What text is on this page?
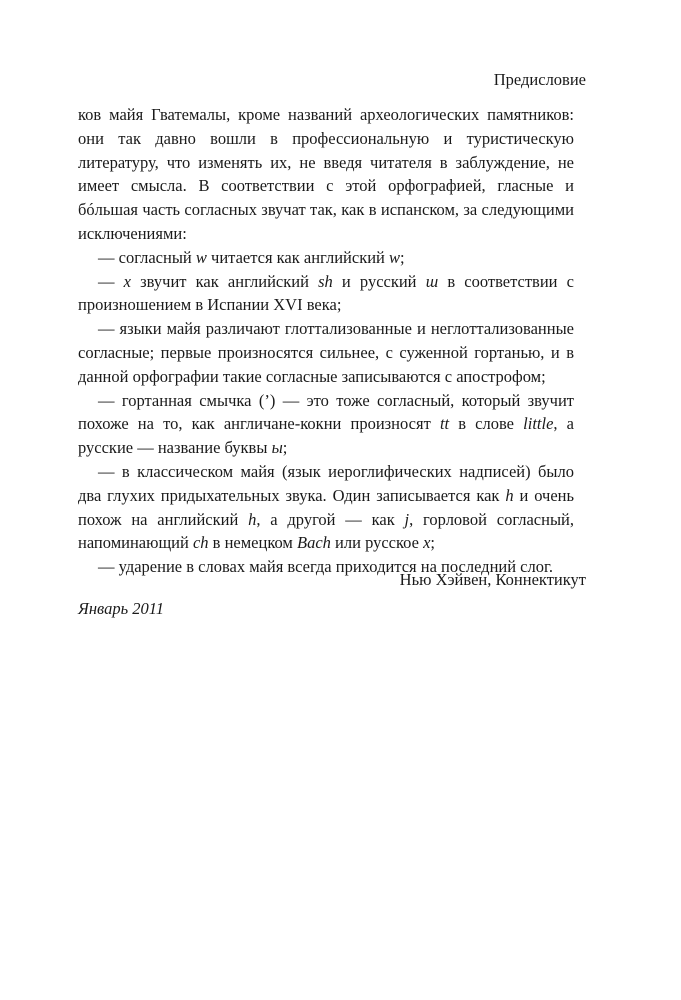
Предисловие

ков майя Гватемалы, кроме названий археологических памятников: они так давно вошли в профессиональную и туристическую литературу, что изменять их, не введя читателя в заблуждение, не имеет смысла. В соответствии с этой орфографией, гласные и бóльшая часть согласных звучат так, как в испанском, за следующими исключениями:

— согласный w читается как английский w;

— x звучит как английский sh и русский ш в соответствии с произношением в Испании XVI века;

— языки майя различают глоттализованные и неглоттализованные согласные; первые произносятся сильнее, с суженной гортанью, и в данной орфографии такие согласные записываются с апострофом;

— гортанная смычка (’) — это тоже согласный, который звучит похоже на то, как англичане-кокни произносят tt в слове little, а русские — название буквы ы;

— в классическом майя (язык иероглифических надписей) было два глухих придыхательных звука. Один записывается как h и очень похож на английский h, а другой — как j, горловой согласный, напоминающий ch в немецком Bach или русское х;

— ударение в словах майя всегда приходится на последний слог.

Нью Хэйвен, Коннектикут

Январь 2011
